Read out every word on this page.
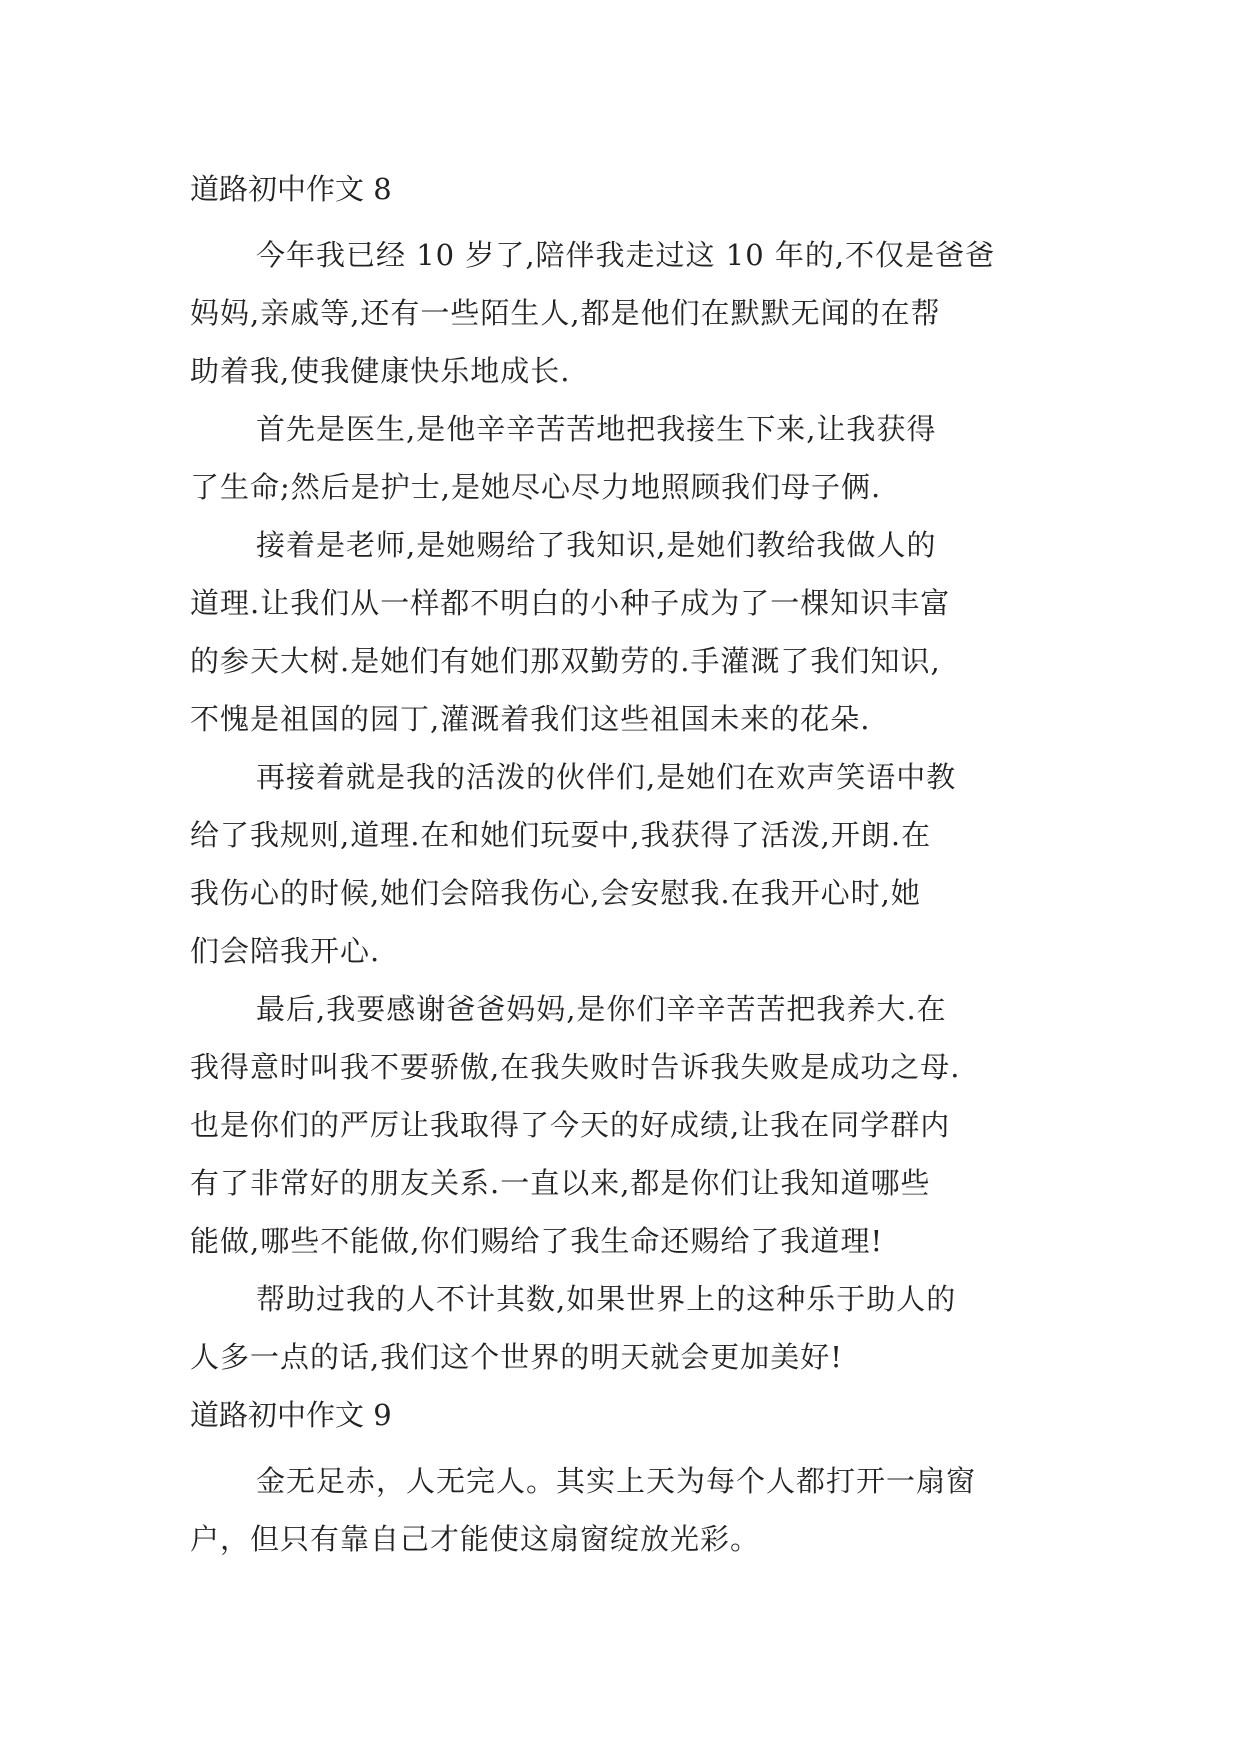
道路初中作文 8
今年我已经 10 岁了,陪伴我走过这 10 年的,不仅是爸爸
妈妈,亲戚等,还有一些陌生人,都是他们在默默无闻的在帮
助着我,使我健康快乐地成长.
首先是医生,是他辛辛苦苦地把我接生下来,让我获得
了生命;然后是护士,是她尽心尽力地照顾我们母子俩.
接着是老师,是她赐给了我知识,是她们教给我做人的
道理.让我们从一样都不明白的小种子成为了一棵知识丰富
的参天大树.是她们有她们那双勤劳的.手灌溉了我们知识,
不愧是祖国的园丁,灌溉着我们这些祖国未来的花朵.
再接着就是我的活泼的伙伴们,是她们在欢声笑语中教
给了我规则,道理.在和她们玩耍中,我获得了活泼,开朗.在
我伤心的时候,她们会陪我伤心,会安慰我.在我开心时,她
们会陪我开心.
最后,我要感谢爸爸妈妈,是你们辛辛苦苦把我养大.在
我得意时叫我不要骄傲,在我失败时告诉我失败是成功之母.
也是你们的严厉让我取得了今天的好成绩,让我在同学群内
有了非常好的朋友关系.一直以来,都是你们让我知道哪些
能做,哪些不能做,你们赐给了我生命还赐给了我道理!
帮助过我的人不计其数,如果世界上的这种乐于助人的
人多一点的话,我们这个世界的明天就会更加美好!
道路初中作文 9
金无足赤，人无完人。其实上天为每个人都打开一扇窗
户，但只有靠自己才能使这扇窗绽放光彩。
